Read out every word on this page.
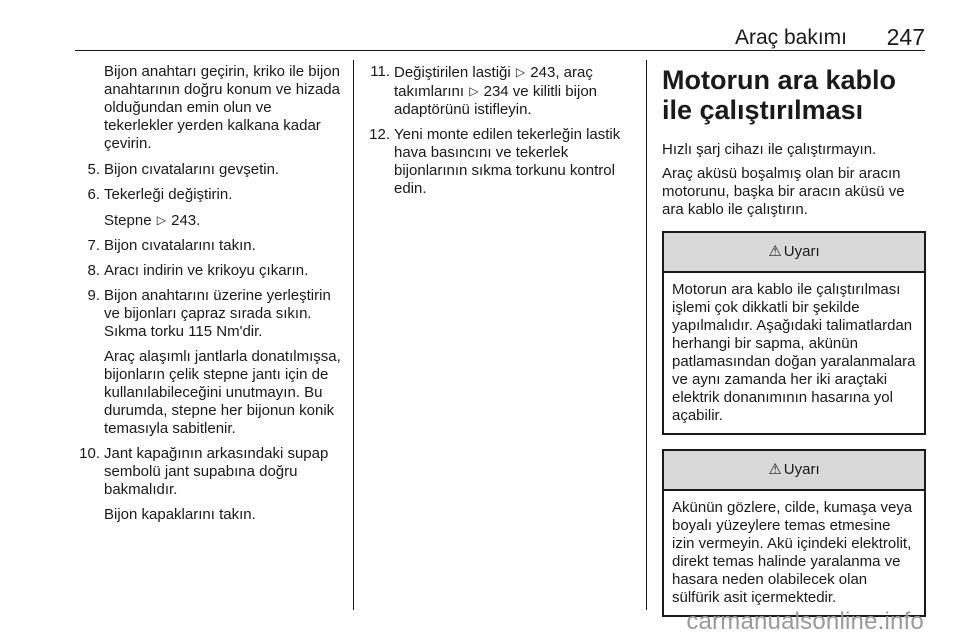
Araç bakımı 247

Bijon anahtarı geçirin, kriko ile bijon anahtarının doğru konum ve hizada olduğundan emin olun ve tekerlekler yerden kalkana kadar çevirin.

5. Bijon cıvatalarını gevşetin.
6. Tekerleği değiştirin.

Stepne ▷ 243.

7. Bijon cıvatalarını takın.
8. Aracı indirin ve krikoyu çıkarın.
9. Bijon anahtarını üzerine yerleştirin ve bijonları çapraz sırada sıkın. Sıkma torku 115 Nm'dir.

Araç alaşımlı jantlarla donatılmışsa, bijonların çelik stepne jantı için de kullanılabileceğini unutmayın. Bu durumda, stepne her bijonun konik temasıyla sabitlenir.

10. Jant kapağının arkasındaki supap sembolü jant supabına doğru bakmalıdır.

Bijon kapaklarını takın.

11. Değiştirilen lastiği ▷ 243, araç takımlarını ▷ 234 ve kilitli bijon adaptörünü istifleyin.
12. Yeni monte edilen tekerleğin lastik hava basıncını ve tekerlek bijonlarının sıkma torkunu kontrol edin.
Motorun ara kablo ile çalıştırılması

Hızlı şarj cihazı ile çalıştırmayın.

Araç aküsü boşalmış olan bir aracın motorunu, başka bir aracın aküsü ve ara kablo ile çalıştırın.

⚠ Uyarı
Motorun ara kablo ile çalıştırılması işlemi çok dikkatli bir şekilde yapılmalıdır. Aşağıdaki talimatlardan herhangi bir sapma, akünün patlamasından doğan yaralanmalara ve aynı zamanda her iki araçtaki elektrik donanımının hasarına yol açabilir.
⚠ Uyarı
Akünün gözlere, cilde, kumaşa veya boyalı yüzeylere temas etmesine izin vermeyin. Akü içindeki elektrolit, direkt temas halinde yaralanma ve hasara neden olabilecek olan sülfürik asit içermektedir.
carmanualsonline.info
